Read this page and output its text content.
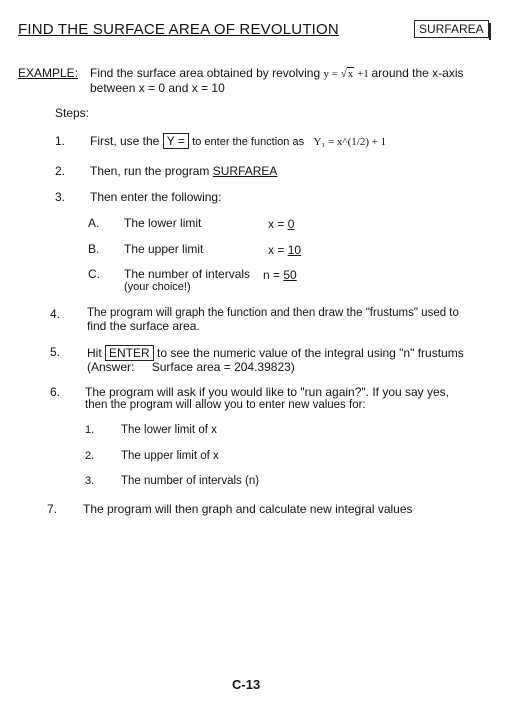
FIND THE SURFACE AREA OF REVOLUTION	SURFAREA
EXAMPLE: Find the surface area obtained by revolving y = √x +1 around the x-axis
between x = 0 and x = 10
Steps:
1. First, use the Y = to enter the function as Y₁ = x^(1/2) + 1
2. Then, run the program SURFAREA
3. Then enter the following:
A. The lower limit	x = 0
B. The upper limit	x = 10
C. The number of intervals n = 50
(your choice!)
4. The program will graph the function and then draw the "frustums" used to
find the surface area.
5. Hit ENTER to see the numeric value of the integral using "n" frustums
(Answer: Surface area = 204.39823)
6. The program will ask if you would like to "run again?". If you say yes,
then the program will allow you to enter new values for:
1. The lower limit of x
2. The upper limit of x
3. The number of intervals (n)
7. The program will then graph and calculate new integral values
C-13
